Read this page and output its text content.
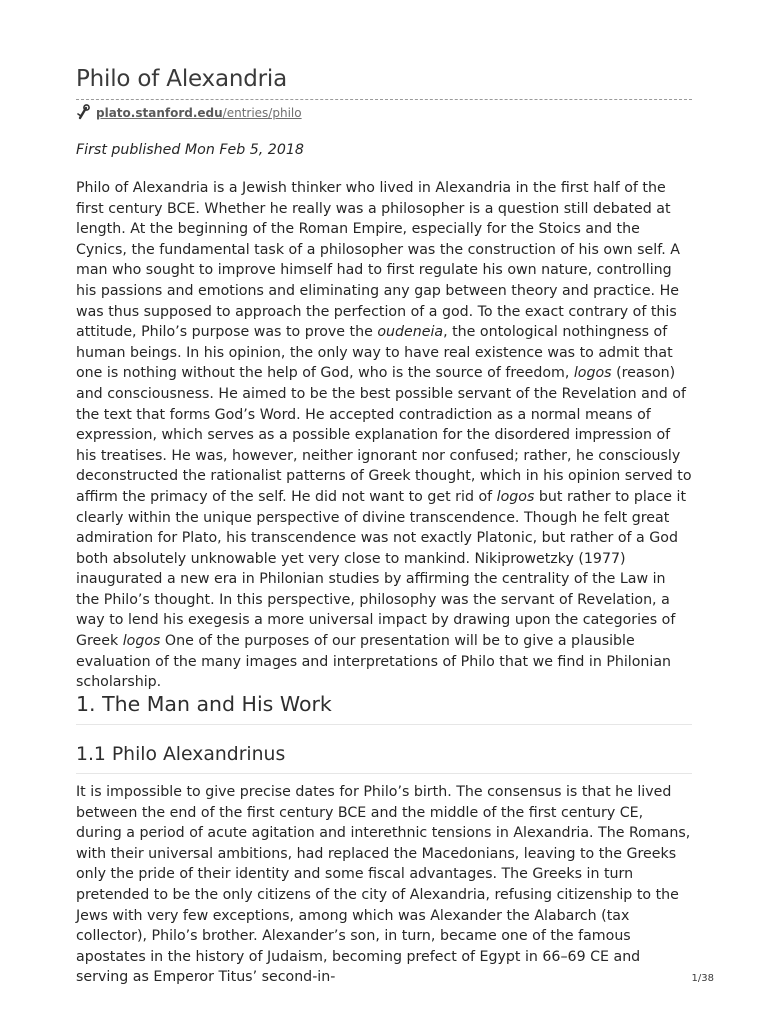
Philo of Alexandria
plato.stanford.edu/entries/philo

First published Mon Feb 5, 2018

Philo of Alexandria is a Jewish thinker who lived in Alexandria in the first half of the first century BCE. Whether he really was a philosopher is a question still debated at length. At the beginning of the Roman Empire, especially for the Stoics and the Cynics, the fundamental task of a philosopher was the construction of his own self. A man who sought to improve himself had to first regulate his own nature, controlling his passions and emotions and eliminating any gap between theory and practice. He was thus supposed to approach the perfection of a god. To the exact contrary of this attitude, Philo’s purpose was to prove the oudeneia, the ontological nothingness of human beings. In his opinion, the only way to have real existence was to admit that one is nothing without the help of God, who is the source of freedom, logos (reason) and consciousness. He aimed to be the best possible servant of the Revelation and of the text that forms God’s Word. He accepted contradiction as a normal means of expression, which serves as a possible explanation for the disordered impression of his treatises. He was, however, neither ignorant nor confused; rather, he consciously deconstructed the rationalist patterns of Greek thought, which in his opinion served to affirm the primacy of the self. He did not want to get rid of logos but rather to place it clearly within the unique perspective of divine transcendence. Though he felt great admiration for Plato, his transcendence was not exactly Platonic, but rather of a God both absolutely unknowable yet very close to mankind. Nikiprowetzky (1977) inaugurated a new era in Philonian studies by affirming the centrality of the Law in the Philo’s thought. In this perspective, philosophy was the servant of Revelation, a way to lend his exegesis a more universal impact by drawing upon the categories of Greek logos One of the purposes of our presentation will be to give a plausible evaluation of the many images and interpretations of Philo that we find in Philonian scholarship.

1. The Man and His Work
1.1 Philo Alexandrinus

It is impossible to give precise dates for Philo’s birth. The consensus is that he lived between the end of the first century BCE and the middle of the first century CE, during a period of acute agitation and interethnic tensions in Alexandria. The Romans, with their universal ambitions, had replaced the Macedonians, leaving to the Greeks only the pride of their identity and some fiscal advantages. The Greeks in turn pretended to be the only citizens of the city of Alexandria, refusing citizenship to the Jews with very few exceptions, among which was Alexander the Alabarch (tax collector), Philo’s brother. Alexander’s son, in turn, became one of the famous apostates in the history of Judaism, becoming prefect of Egypt in 66–69 CE and serving as Emperor Titus’ second-in-	1/38
